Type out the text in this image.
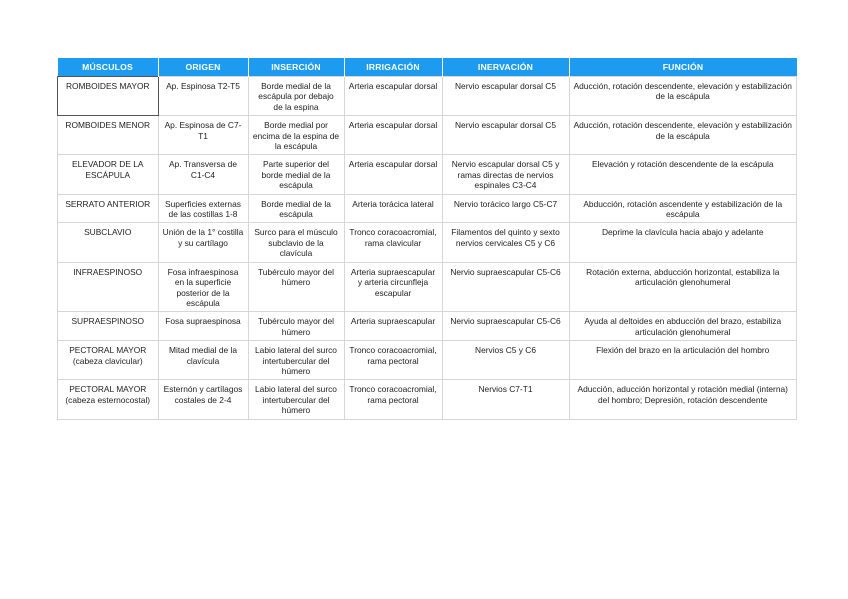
MÚSCULOS	ORIGEN	INSERCIÓN	IRRIGACIÓN	INERVACIÓN	FUNCIÓN
ROMBOIDES MAYOR	Ap. Espinosa T2-T5	Borde medial de la escápula por debajo de la espina	Arteria escapular dorsal	Nervio escapular dorsal C5	Aducción, rotación descendente, elevación y estabilización de la escápula
ROMBOIDES MENOR	Ap. Espinosa de C7-T1	Borde medial por encima de la espina de la escápula	Arteria escapular dorsal	Nervio escapular dorsal C5	Aducción, rotación descendente, elevación y estabilización de la escápula
ELEVADOR DE LA ESCÁPULA	Ap. Transversa de C1-C4	Parte superior del borde medial de la escápula	Arteria escapular dorsal	Nervio escapular dorsal C5 y ramas directas de nervios espinales C3-C4	Elevación y rotación descendente de la escápula
SERRATO ANTERIOR	Superficies externas de las costillas 1-8	Borde medial de la escápula	Arteria torácica lateral	Nervio torácico largo C5-C7	Abducción, rotación ascendente y estabilización de la escápula
SUBCLAVIO	Unión de la 1° costilla y su cartílago	Surco para el músculo subclavio de la clavícula	Tronco coracoacromial, rama clavicular	Filamentos del quinto y sexto nervios cervicales C5 y C6	Deprime la clavícula hacia abajo y adelante
INFRAESPINOSO	Fosa infraespinosa en la superficie posterior de la escápula	Tubérculo mayor del húmero	Arteria supraescapular y arteria circunfleja escapular	Nervio supraescapular C5-C6	Rotación externa, abducción horizontal, estabiliza la articulación glenohumeral
SUPRAESPINOSO	Fosa supraespinosa	Tubérculo mayor del húmero	Arteria supraescapular	Nervio supraescapular C5-C6	Ayuda al deltoides en abducción del brazo, estabiliza articulación glenohumeral
PECTORAL MAYOR (cabeza clavicular)	Mitad medial de la clavícula	Labio lateral del surco intertubercular del húmero	Tronco coracoacromial, rama pectoral	Nervios C5 y C6	Flexión del brazo en la articulación del hombro
PECTORAL MAYOR (cabeza esternocostal)	Esternón y cartílagos costales de 2-4	Labio lateral del surco intertubercular del húmero	Tronco coracoacromial, rama pectoral	Nervios C7-T1	Aducción, aducción horizontal y rotación medial (interna) del hombro; Depresión, rotación descendente
